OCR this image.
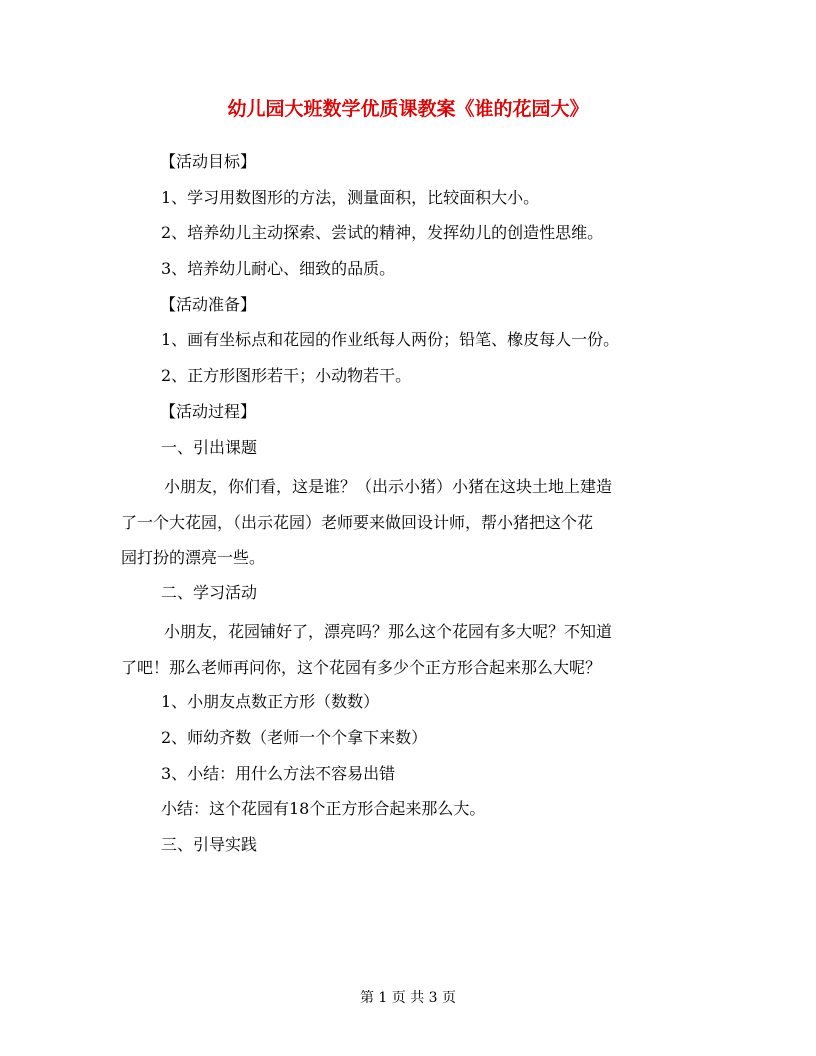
幼儿园大班数学优质课教案《谁的花园大》
【活动目标】
1、学习用数图形的方法，测量面积，比较面积大小。
2、培养幼儿主动探索、尝试的精神，发挥幼儿的创造性思维。
3、培养幼儿耐心、细致的品质。
【活动准备】
1、画有坐标点和花园的作业纸每人两份；铅笔、橡皮每人一份。
2、正方形图形若干；小动物若干。
【活动过程】
一、引出课题
小朋友，你们看，这是谁？（出示小猪）小猪在这块土地上建造
了一个大花园，（出示花园）老师要来做回设计师，帮小猪把这个花
园打扮的漂亮一些。
二、学习活动
小朋友，花园铺好了，漂亮吗？那么这个花园有多大呢？不知道
了吧！那么老师再问你，这个花园有多少个正方形合起来那么大呢？
1、小朋友点数正方形（数数）
2、师幼齐数（老师一个个拿下来数）
3、小结：用什么方法不容易出错
小结：这个花园有18个正方形合起来那么大。
三、引导实践
第 1 页 共 3 页
